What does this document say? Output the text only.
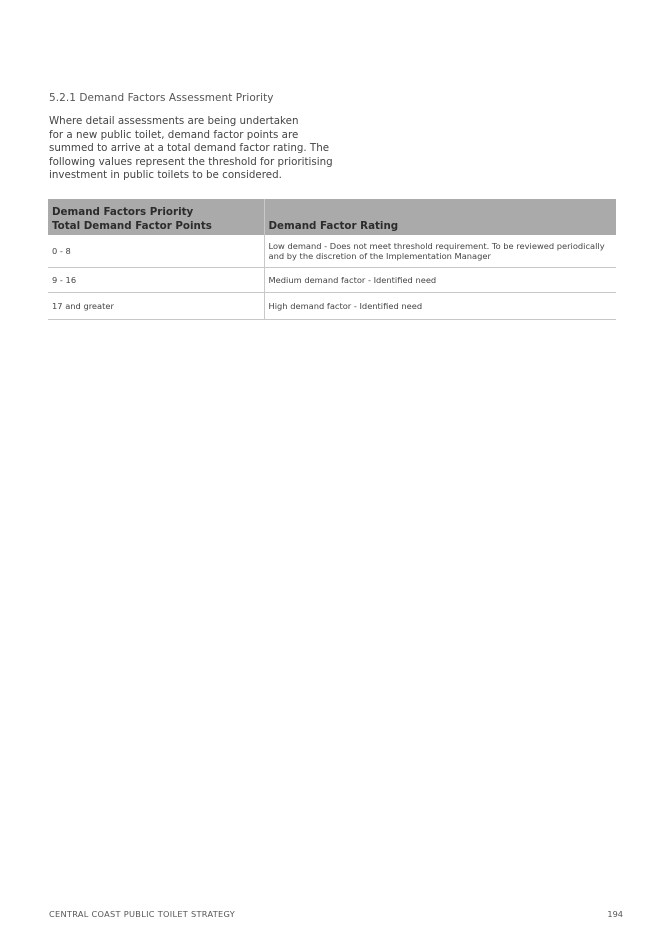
5.2.1 Demand Factors Assessment Priority
Where detail assessments are being undertaken
for a new public toilet, demand factor points are
summed to arrive at a total demand factor rating. The
following values represent the threshold for prioritising
investment in public toilets to be considered.
Demand Factors Priority	
Total Demand Factor Points	Demand Factor Rating
0 - 8	Low demand - Does not meet threshold requirement. To be reviewed periodically and by the discretion of the Implementation Manager
9 - 16	Medium demand factor - Identified need
17 and greater	High demand factor - Identified need
CENTRAL COAST PUBLIC TOILET STRATEGY	194
